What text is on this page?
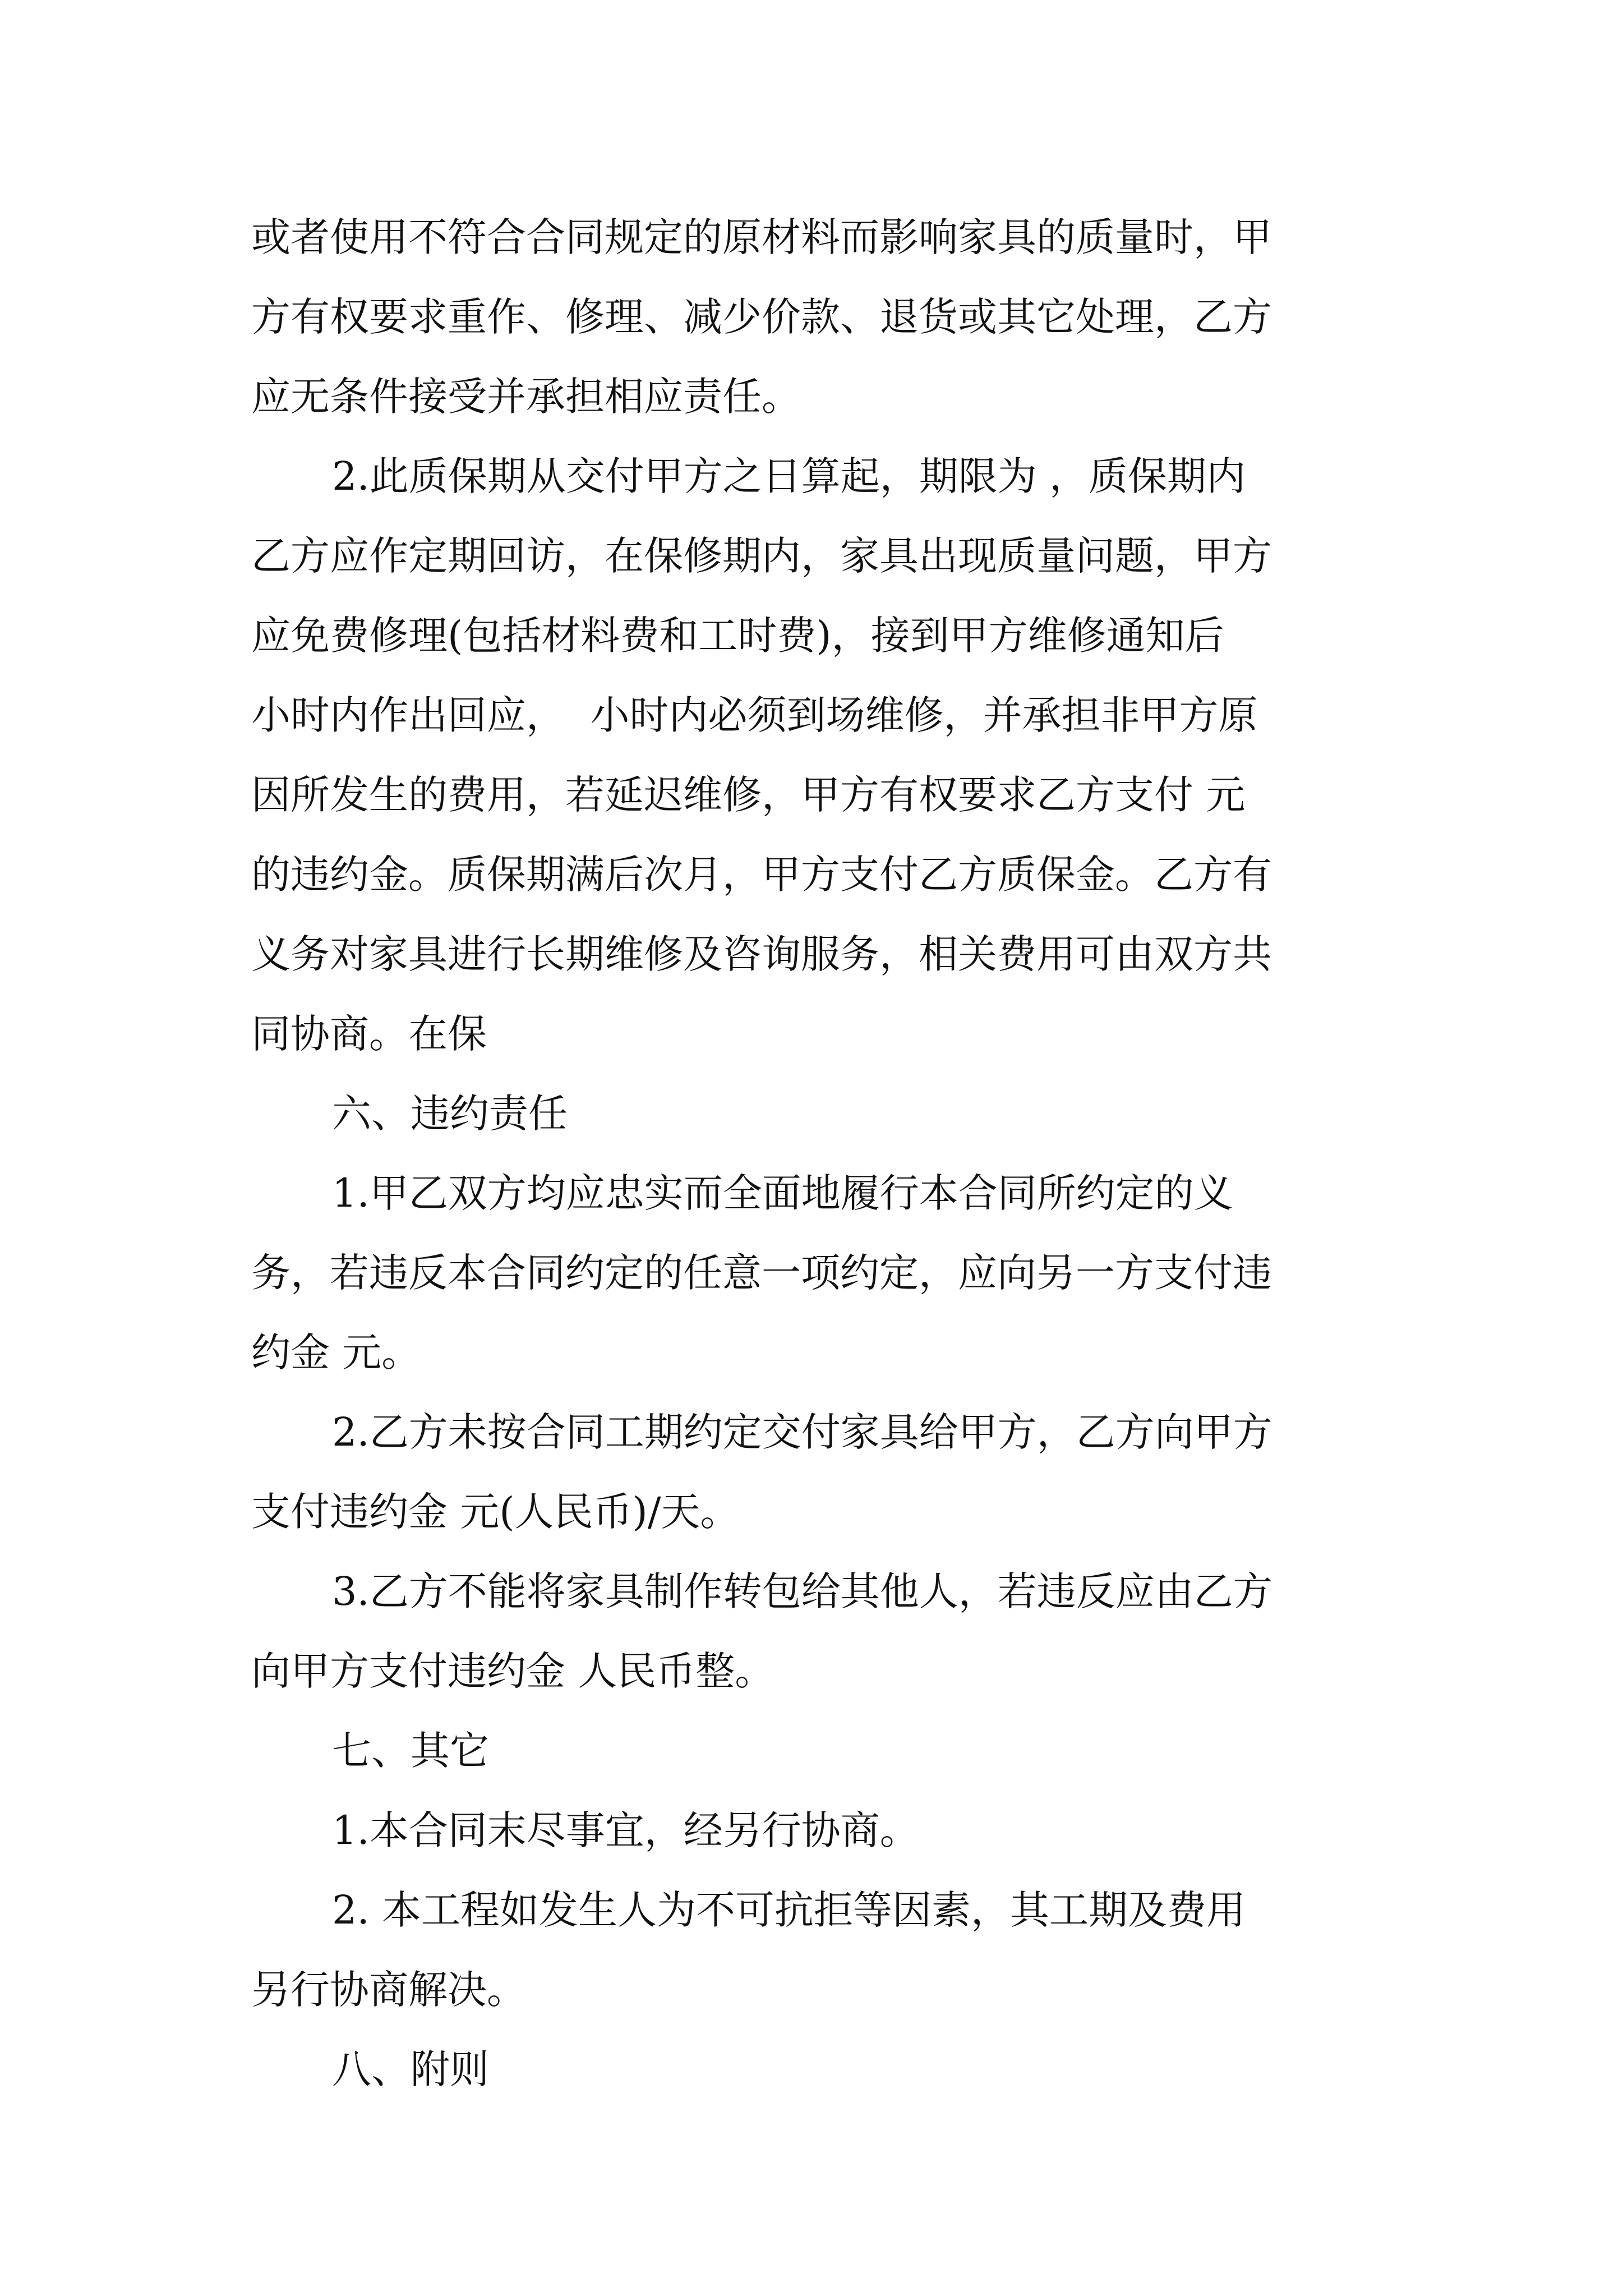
或者使用不符合合同规定的原材料而影响家具的质量时，甲
方有权要求重作、修理、减少价款、退货或其它处理，乙方
应无条件接受并承担相应责任。
2.此质保期从交付甲方之日算起，期限为 ，质保期内
乙方应作定期回访，在保修期内，家具出现质量问题，甲方
应免费修理(包括材料费和工时费)，接到甲方维修通知后
小时内作出回应，  小时内必须到场维修，并承担非甲方原
因所发生的费用，若延迟维修，甲方有权要求乙方支付 元
的违约金。质保期满后次月，甲方支付乙方质保金。乙方有
义务对家具进行长期维修及咨询服务，相关费用可由双方共
同协商。在保
六、违约责任
1.甲乙双方均应忠实而全面地履行本合同所约定的义
务，若违反本合同约定的任意一项约定，应向另一方支付违
约金 元。
2.乙方未按合同工期约定交付家具给甲方，乙方向甲方
支付违约金 元(人民币)/天。
3.乙方不能将家具制作转包给其他人，若违反应由乙方
向甲方支付违约金 人民币整。
七、其它
1.本合同末尽事宜，经另行协商。
2. 本工程如发生人为不可抗拒等因素，其工期及费用
另行协商解决。
八、附则
